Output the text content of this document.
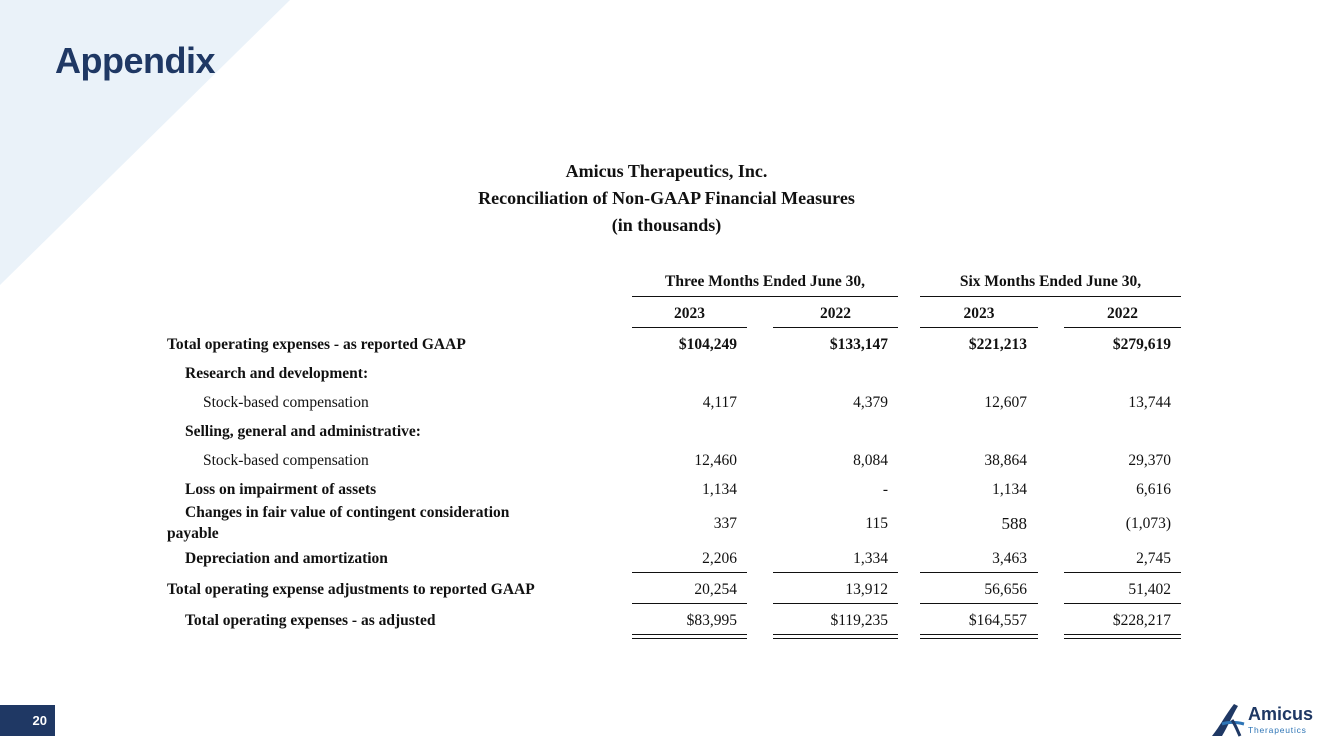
Appendix
Amicus Therapeutics, Inc.
Reconciliation of Non-GAAP Financial Measures
(in thousands)
Three Months Ended June 30,	Six Months Ended June 30,
2023	2022	2023	2022
Total operating expenses - as reported GAAP	$104,249	$133,147	$221,213	$279,619
Research and development:
Stock-based compensation	4,117	4,379	12,607	13,744
Selling, general and administrative:
Stock-based compensation	12,460	8,084	38,864	29,370
Loss on impairment of assets	1,134	-	1,134	6,616
Changes in fair value of contingent consideration
payable
337	115	588	(1,073)
Depreciation and amortization	2,206	1,334	3,463	2,745
Total operating expense adjustments to reported GAAP	20,254	13,912	56,656	51,402
Total operating expenses - as adjusted	$83,995	$119,235	$164,557	$228,217
20	Amicus
Therapeutics
